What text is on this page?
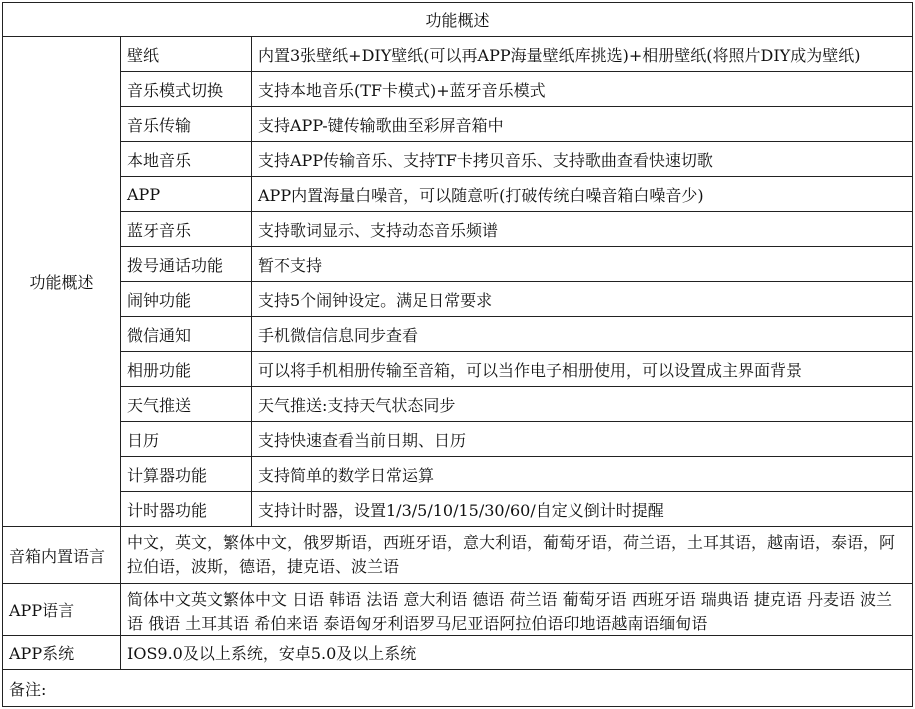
功能概述		
功能概述	壁纸	内置3张壁纸+DIY壁纸(可以再APP海量壁纸库挑选)+相册壁纸(将照片DIY成为壁纸)
	音乐模式切换	支持本地音乐(TF卡模式)+蓝牙音乐模式
	音乐传输	支持APP-键传输歌曲至彩屏音箱中
	本地音乐	支持APP传输音乐、支持TF卡拷贝音乐、支持歌曲查看快速切歌
	APP	APP内置海量白噪音，可以随意听(打破传统白噪音箱白噪音少)
	蓝牙音乐	支持歌词显示、支持动态音乐频谱
	拨号通话功能	暂不支持
	闹钟功能	支持5个闹钟设定。满足日常要求
	微信通知	手机微信信息同步查看
	相册功能	可以将手机相册传输至音箱，可以当作电子相册使用，可以设置成主界面背景
	天气推送	天气推送:支持天气状态同步
	日历	支持快速查看当前日期、日历
	计算器功能	支持简单的数学日常运算
	计时器功能	支持计时器，设置1/3/5/10/15/30/60/自定义倒计时提醒
音箱内置语言	中文，英文，繁体中文，俄罗斯语，西班牙语，意大利语，葡萄牙语，荷兰语，土耳其语，越南语，泰语，阿拉伯语，波斯，德语，捷克语、波兰语	
APP语言	简体中文英文繁体中文 日语 韩语 法语 意大利语 德语 荷兰语 葡萄牙语 西班牙语 瑞典语 捷克语 丹麦语 波兰语 俄语 土耳其语 希伯来语 泰语匈牙利语罗马尼亚语阿拉伯语印地语越南语缅甸语	

APP系统	IOS9.0及以上系统，安卓5.0及以上系统	
备注:		
